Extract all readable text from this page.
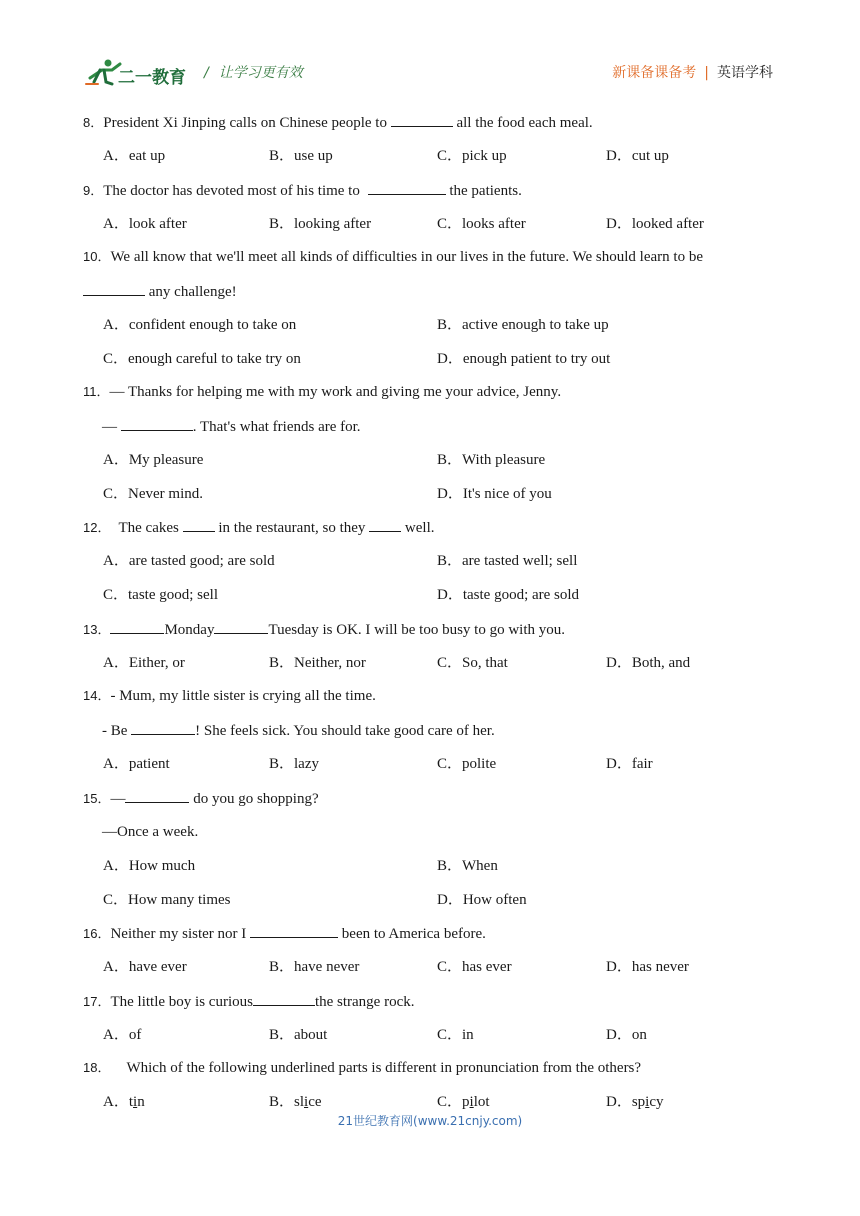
二一教育 / 让学习更有效	新课备课备考 | 英语学科
8．President Xi Jinping calls on Chinese people to	all the food each meal.
A．eat up	B．use up	C．pick up	D．cut up
9．The doctor has devoted most of his time to	the patients.
A．look after	B．looking after	C．looks after	D．looked after
10．We all know that we'll meet all kinds of difficulties in our lives in the future. We should learn to be
any challenge!
A．confident enough to take on	B．active enough to take up
C．enough careful to take try on	D．enough patient to try out
11．— Thanks for helping me with my work and giving me your advice, Jenny.
—	. That's what friends are for.
A．My pleasure	B．With pleasure
C．Never mind.	D．It's nice of you
12． The cakes  in the restaurant, so they  well.
A．are tasted good; are sold	B．are tasted well; sell
C．taste good; sell	D．taste good; are sold
13．	Monday	Tuesday is OK. I will be too busy to go with you.
A．Either, or	B．Neither, nor	C．So, that	D．Both, and
14．- Mum, my little sister is crying all the time.
- Be	! She feels sick. You should take good care of her.
A．patient	B．lazy	C．polite	D．fair
15．—	do you go shopping?
—Once a week.
A．How much	B．When
C．How many times	D．How often
16．Neither my sister nor I	been to America before.
A．have ever	B．have never	C．has ever	D．has never
17．The little boy is curious	the strange rock.
A．of	B．about	C．in	D．on
18． Which of the following underlined parts is different in pronunciation from the others?
A．tin	B．slice	C．pilot	D．spicy
21世纪教育网(www.21cnjy.com)
